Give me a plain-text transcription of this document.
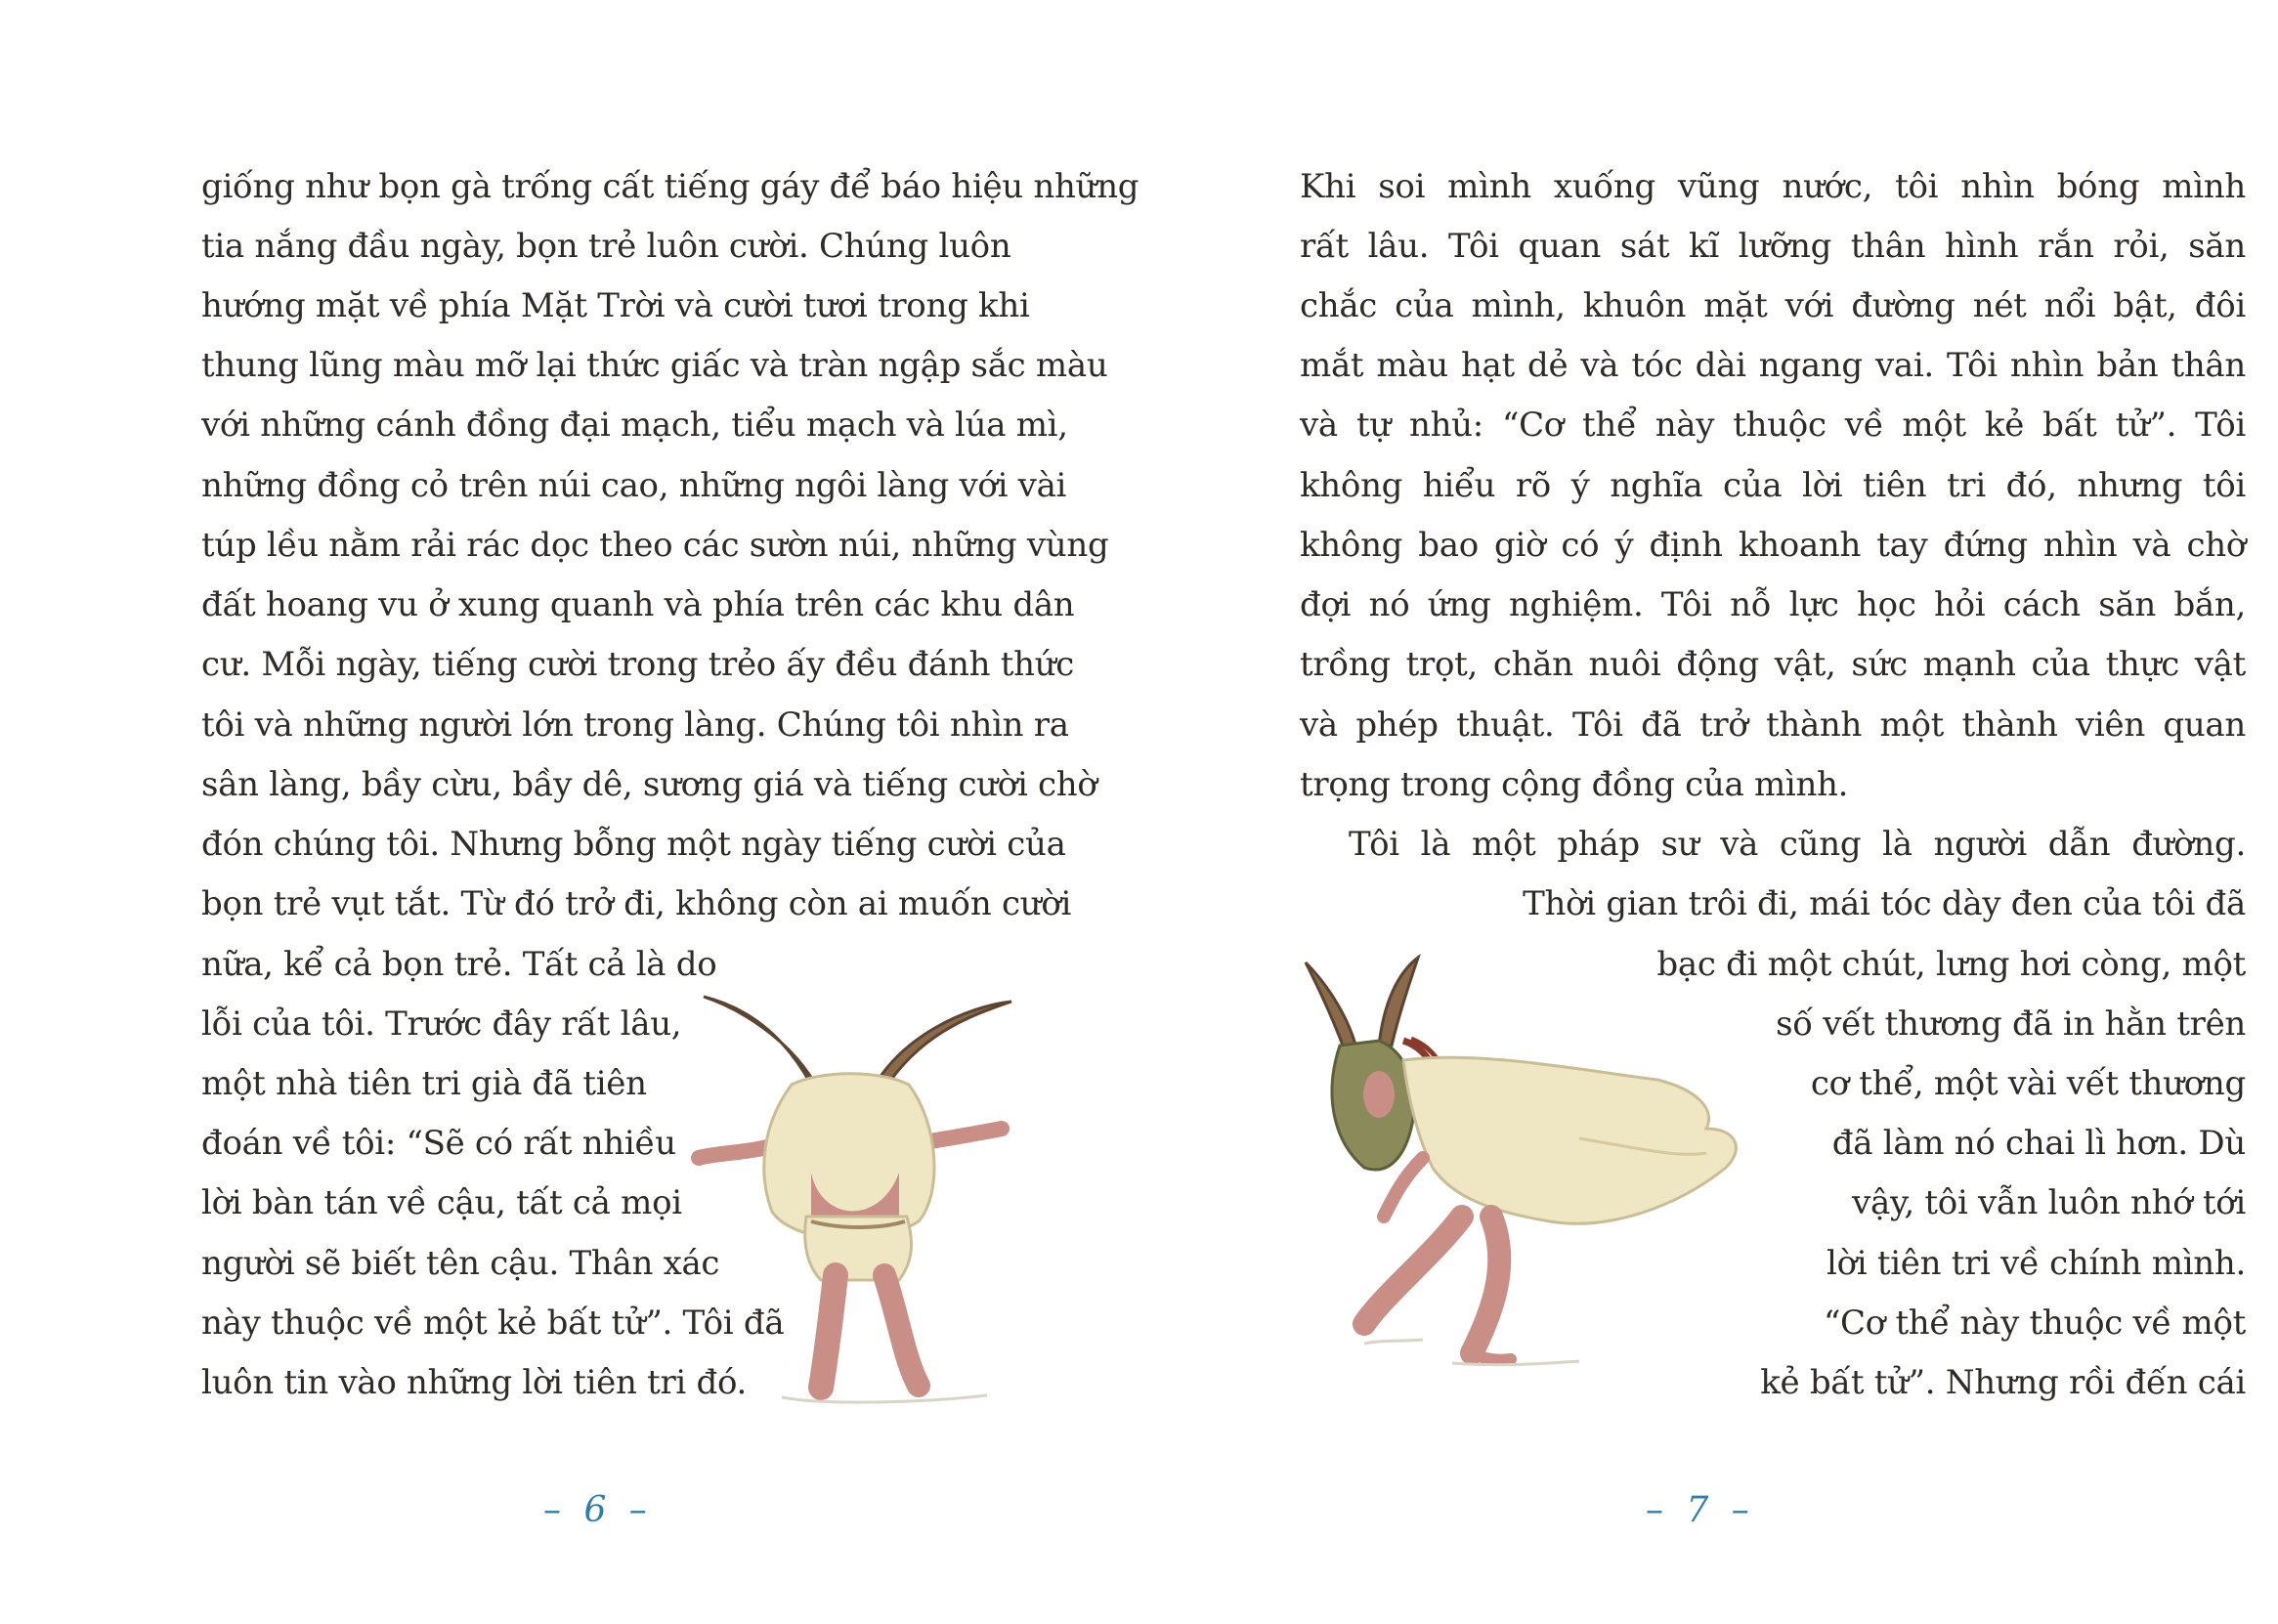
giống như bọn gà trống cất tiếng gáy để báo hiệu những
tia nắng đầu ngày, bọn trẻ luôn cười. Chúng luôn
hướng mặt về phía Mặt Trời và cười tươi trong khi
thung lũng màu mỡ lại thức giấc và tràn ngập sắc màu
với những cánh đồng đại mạch, tiểu mạch và lúa mì,
những đồng cỏ trên núi cao, những ngôi làng với vài
túp lều nằm rải rác dọc theo các sườn núi, những vùng
đất hoang vu ở xung quanh và phía trên các khu dân
cư. Mỗi ngày, tiếng cười trong trẻo ấy đều đánh thức
tôi và những người lớn trong làng. Chúng tôi nhìn ra
sân làng, bầy cừu, bầy dê, sương giá và tiếng cười chờ
đón chúng tôi. Nhưng bỗng một ngày tiếng cười của
bọn trẻ vụt tắt. Từ đó trở đi, không còn ai muốn cười
nữa, kể cả bọn trẻ. Tất cả là do
lỗi của tôi. Trước đây rất lâu,
một nhà tiên tri già đã tiên
đoán về tôi: “Sẽ có rất nhiều
lời bàn tán về cậu, tất cả mọi
người sẽ biết tên cậu. Thân xác
này thuộc về một kẻ bất tử”. Tôi đã
luôn tin vào những lời tiên tri đó.
– 6 –
Khi soi mình xuống vũng nước, tôi nhìn bóng mình
rất lâu. Tôi quan sát kĩ lưỡng thân hình rắn rỏi, săn
chắc của mình, khuôn mặt với đường nét nổi bật, đôi
mắt màu hạt dẻ và tóc dài ngang vai. Tôi nhìn bản thân
và tự nhủ: “Cơ thể này thuộc về một kẻ bất tử”. Tôi
không hiểu rõ ý nghĩa của lời tiên tri đó, nhưng tôi
không bao giờ có ý định khoanh tay đứng nhìn và chờ
đợi nó ứng nghiệm. Tôi nỗ lực học hỏi cách săn bắn,
trồng trọt, chăn nuôi động vật, sức mạnh của thực vật
và phép thuật. Tôi đã trở thành một thành viên quan
trọng trong cộng đồng của mình.
Tôi là một pháp sư và cũng là người dẫn đường.
Thời gian trôi đi, mái tóc dày đen của tôi đã
bạc đi một chút, lưng hơi còng, một
số vết thương đã in hằn trên
cơ thể, một vài vết thương
đã làm nó chai lì hơn. Dù
vậy, tôi vẫn luôn nhớ tới
lời tiên tri về chính mình.
“Cơ thể này thuộc về một
kẻ bất tử”. Nhưng rồi đến cái
– 7 –
